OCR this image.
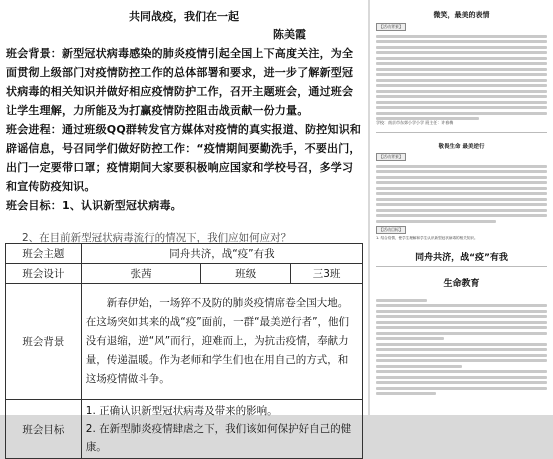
共同战疫，我们在一起
陈美霞

班会背景：新型冠状病毒感染的肺炎疫情引起全国上下高度关注，为全面贯彻上级部门对疫情防控工作的总体部署和要求，进一步了解新型冠状病毒的相关知识并做好相应疫情防护工作，召开主题班会，通过班会让学生理解，力所能及为打赢疫情防控阻击战贡献一份力量。

班会进程：通过班级QQ群转发官方媒体对疫情的真实报道、防控知识和辟谣信息，号召同学们做好防控工作：“疫情期间要勤洗手，不要出门，出门一定要带口罩；疫情期间大家要积极响应国家和学校号召，多学习和宣传防疫知识。

班会目标：1、认识新型冠状病毒。

2、在目前新型冠状病毒流行的情况下，我们应如何应对？
班会主题	同舟共济，战“疫”有我		
班会设计	张茜	班级	三3班
班会背景	新春伊始，一场猝不及防的肺炎疫情席卷全国大地。在这场突如其来的战“疫”面前，一群“最美逆行者”，他们没有退缩，逆“风”而行，迎难而上，为抗击疫情，奉献力量，传递温暖。作为老师和学生们也在用自己的方式，和这场疫情做斗争。		
班会目标	1. 正确认识新型冠状病毒及带来的影响。
2. 在新型肺炎疫情肆虐之下，我们该如何保护好自己的健康。		
微笑，最美的表情
【活动背景】
学校：南京市东郊小学小学 班主任：许春梅
敬畏生命 最美逆行
【活动背景】
【活动目标】
1. 结合疫情，使学生理解和学生认识新型冠状病毒的相关知识。
同舟共济，战“疫”有我
生命教育
